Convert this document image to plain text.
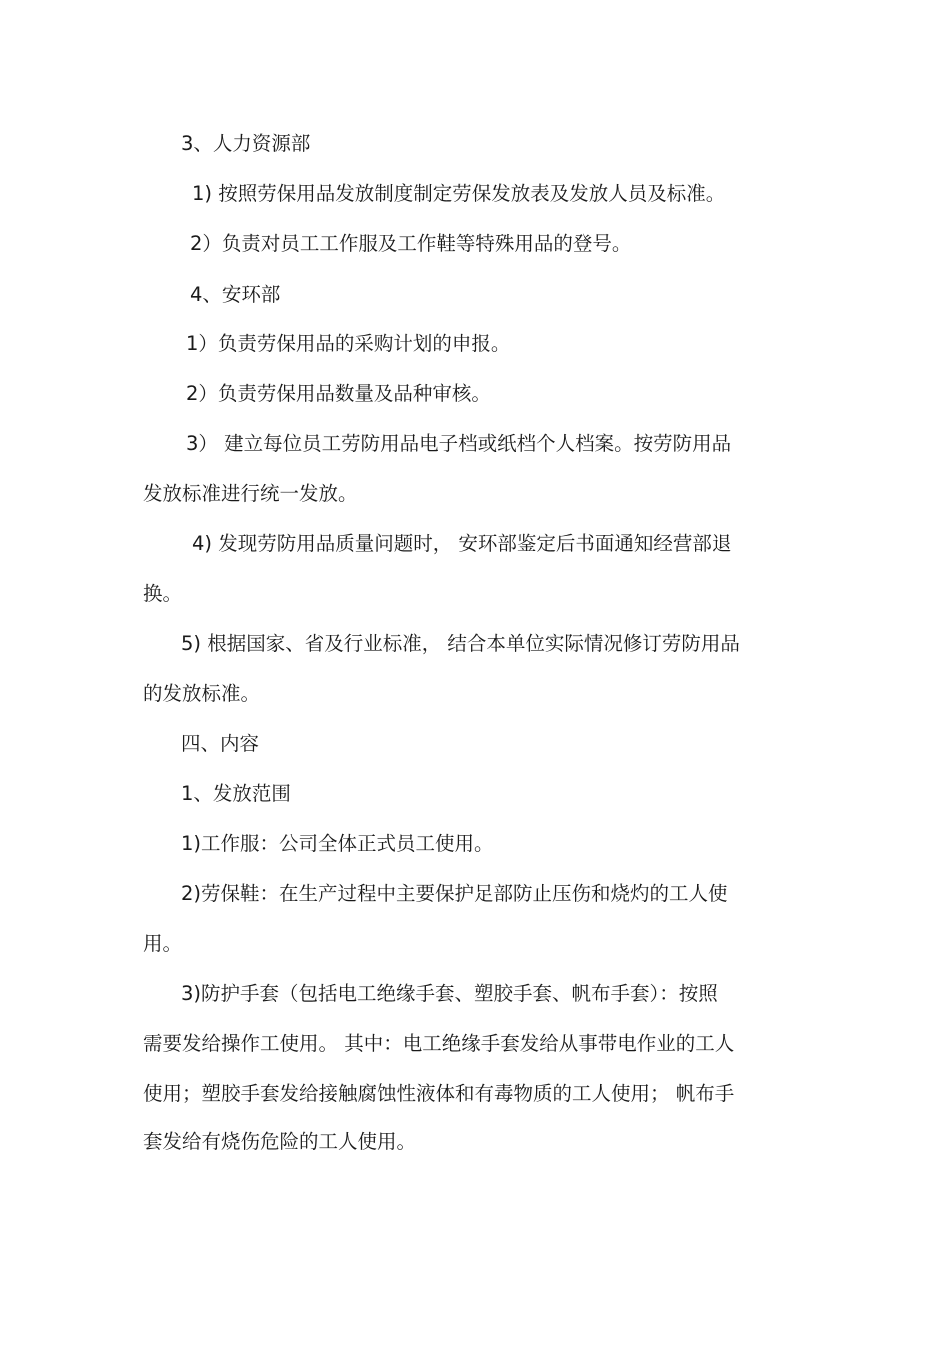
3、人力资源部
1) 按照劳保用品发放制度制定劳保发放表及发放人员及标准。
2）负责对员工工作服及工作鞋等特殊用品的登号。
4、安环部
1）负责劳保用品的采购计划的申报。
2）负责劳保用品数量及品种审核。
3） 建立每位员工劳防用品电子档或纸档个人档案。按劳防用品
发放标准进行统一发放。
4) 发现劳防用品质量问题时， 安环部鉴定后书面通知经营部退
换。
5) 根据国家、省及行业标准， 结合本单位实际情况修订劳防用品
的发放标准。
四、内容
1、发放范围
1)工作服：公司全体正式员工使用。
2)劳保鞋：在生产过程中主要保护足部防止压伤和烧灼的工人使
用。
3)防护手套（包括电工绝缘手套、塑胶手套、帆布手套）：按照
需要发给操作工使用。 其中：电工绝缘手套发给从事带电作业的工人
使用；塑胶手套发给接触腐蚀性液体和有毒物质的工人使用； 帆布手
套发给有烧伤危险的工人使用。
